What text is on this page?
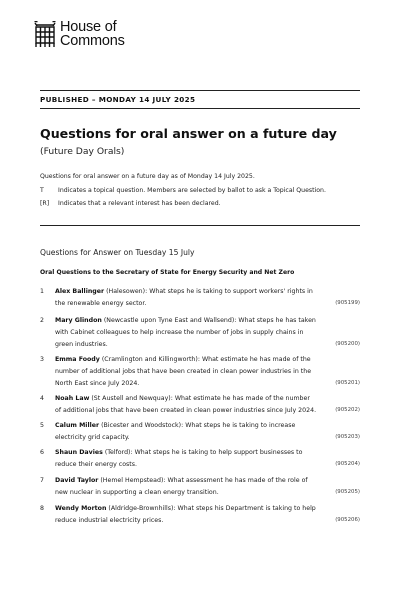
House of
Commons
PUBLISHED – MONDAY 14 JULY 2025
Questions for oral answer on a future day
(Future Day Orals)
Questions for oral answer on a future day as of Monday 14 July 2025.
T	Indicates a topical question. Members are selected by ballot to ask a Topical Question.
[R]	Indicates that a relevant interest has been declared.
Questions for Answer on Tuesday 15 July
Oral Questions to the Secretary of State for Energy Security and Net Zero
1	Alex Ballinger (Halesowen): What steps he is taking to support workers' rights in the renewable energy sector.	(905199)
2	Mary Glindon (Newcastle upon Tyne East and Wallsend): What steps he has taken with Cabinet colleagues to help increase the number of jobs in supply chains in green industries.	(905200)
3	Emma Foody (Cramlington and Killingworth): What estimate he has made of the number of additional jobs that have been created in clean power industries in the North East since July 2024.	(905201)
4	Noah Law (St Austell and Newquay): What estimate he has made of the number of additional jobs that have been created in clean power industries since July 2024.	(905202)
5	Calum Miller (Bicester and Woodstock): What steps he is taking to increase electricity grid capacity.	(905203)
6	Shaun Davies (Telford): What steps he is taking to help support businesses to reduce their energy costs.	(905204)
7	David Taylor (Hemel Hempstead): What assessment he has made of the role of new nuclear in supporting a clean energy transition.	(905205)
8	Wendy Morton (Aldridge-Brownhills): What steps his Department is taking to help reduce industrial electricity prices.	(905206)
